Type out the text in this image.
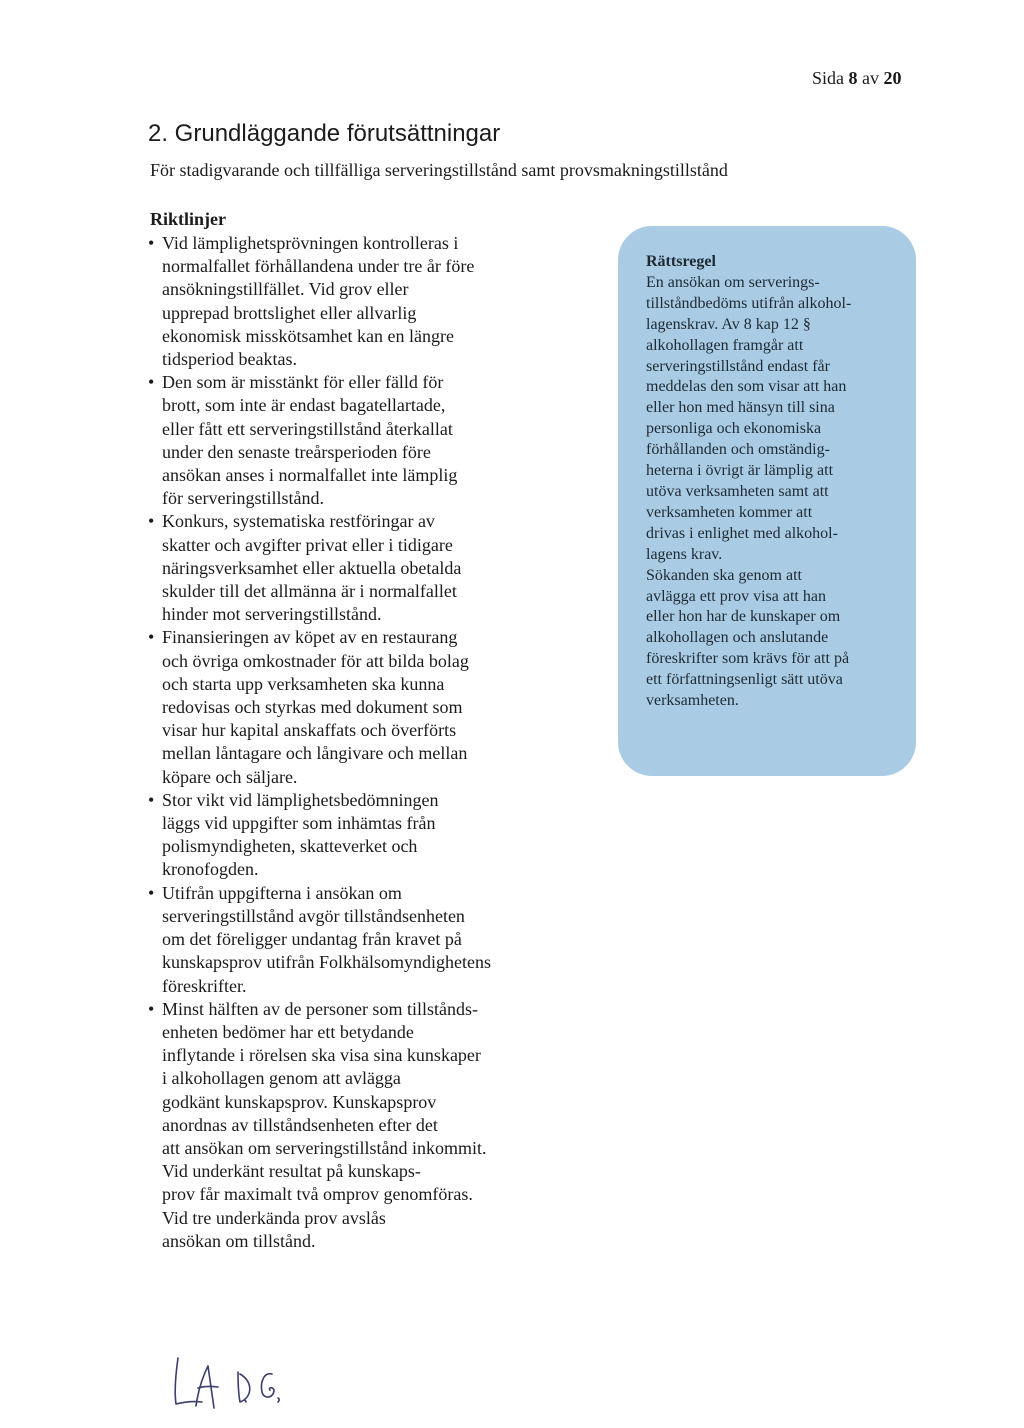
Sida 8 av 20
2. Grundläggande förutsättningar
För stadigvarande och tillfälliga serveringstillstånd samt provsmakningstillstånd
Riktlinjer
• Vid lämplighetsprövningen kontrolleras i
normalfallet förhållandena under tre år före
ansökningstillfället. Vid grov eller
upprepad brottslighet eller allvarlig
ekonomisk misskötsamhet kan en längre
tidsperiod beaktas.
• Den som är misstänkt för eller fälld för
brott, som inte är endast bagatellartade,
eller fått ett serveringstillstånd återkallat
under den senaste treårsperioden före
ansökan anses i normalfallet inte lämplig
för serveringstillstånd.
• Konkurs, systematiska restföringar av
skatter och avgifter privat eller i tidigare
näringsverksamhet eller aktuella obetalda
skulder till det allmänna är i normalfallet
hinder mot serveringstillstånd.
• Finansieringen av köpet av en restaurang
och övriga omkostnader för att bilda bolag
och starta upp verksamheten ska kunna
redovisas och styrkas med dokument som
visar hur kapital anskaffats och överförts
mellan låntagare och långivare och mellan
köpare och säljare.
• Stor vikt vid lämplighetsbedömningen
läggs vid uppgifter som inhämtas från
polismyndigheten, skatteverket och
kronofogden.
• Utifrån uppgifterna i ansökan om
serveringstillstånd avgör tillståndsenheten
om det föreligger undantag från kravet på
kunskapsprov utifrån Folkhälsomyndighetens
föreskrifter.
• Minst hälften av de personer som tillstånds-
enheten bedömer har ett betydande
inflytande i rörelsen ska visa sina kunskaper
i alkohollagen genom att avlägga
godkänt kunskapsprov. Kunskapsprov
anordnas av tillståndsenheten efter det
att ansökan om serveringstillstånd inkommit.
Vid underkänt resultat på kunskaps-
prov får maximalt två omprov genomföras.
Vid tre underkända prov avslås
ansökan om tillstånd.
Rättsregel
En ansökan om serverings-
tillståndbedöms utifrån alkohol-
lagenskrav. Av 8 kap 12 §
alkohollagen framgår att
serveringstillstånd endast får
meddelas den som visar att han
eller hon med hänsyn till sina
personliga och ekonomiska
förhållanden och omständig-
heterna i övrigt är lämplig att
utöva verksamheten samt att
verksamheten kommer att
drivas i enlighet med alkohol-
lagens krav.
Sökanden ska genom att
avlägga ett prov visa att han
eller hon har de kunskaper om
alkohollagen och anslutande
föreskrifter som krävs för att på
ett författningsenligt sätt utöva
verksamheten.
